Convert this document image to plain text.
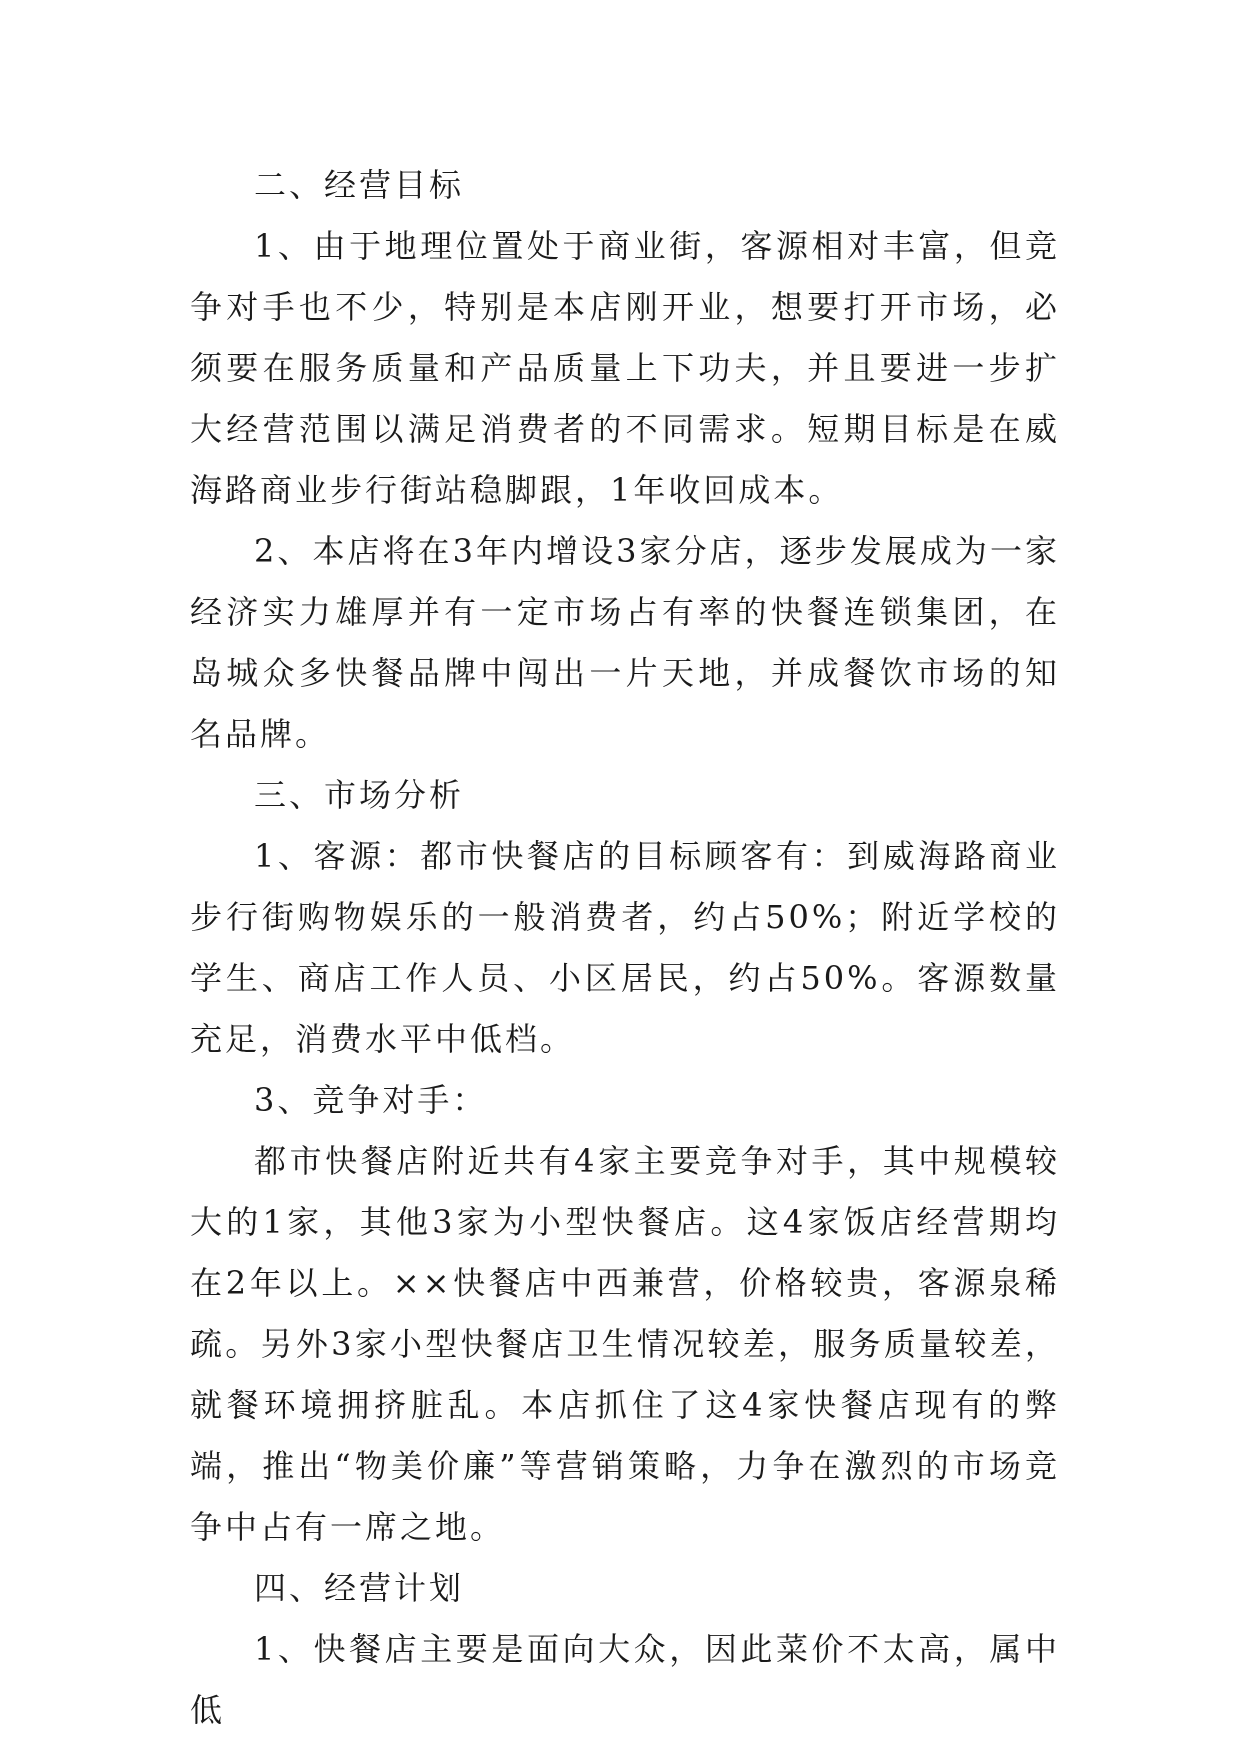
二、经营目标

1、由于地理位置处于商业街，客源相对丰富，但竞争对手也不少，特别是本店刚开业，想要打开市场，必须要在服务质量和产品质量上下功夫，并且要进一步扩大经营范围以满足消费者的不同需求。短期目标是在威海路商业步行街站稳脚跟，1年收回成本。

2、本店将在3年内增设3家分店，逐步发展成为一家经济实力雄厚并有一定市场占有率的快餐连锁集团，在岛城众多快餐品牌中闯出一片天地，并成餐饮市场的知名品牌。

三、市场分析

1、客源：都市快餐店的目标顾客有：到威海路商业步行街购物娱乐的一般消费者，约占50%；附近学校的学生、商店工作人员、小区居民，约占50%。客源数量充足，消费水平中低档。

3、竞争对手：

都市快餐店附近共有4家主要竞争对手，其中规模较大的1家，其他3家为小型快餐店。这4家饭店经营期均在2年以上。××快餐店中西兼营，价格较贵，客源泉稀疏。另外3家小型快餐店卫生情况较差，服务质量较差，就餐环境拥挤脏乱。本店抓住了这4家快餐店现有的弊端，推出“物美价廉”等营销策略，力争在激烈的市场竞争中占有一席之地。

四、经营计划

1、快餐店主要是面向大众，因此菜价不太高，属中低
